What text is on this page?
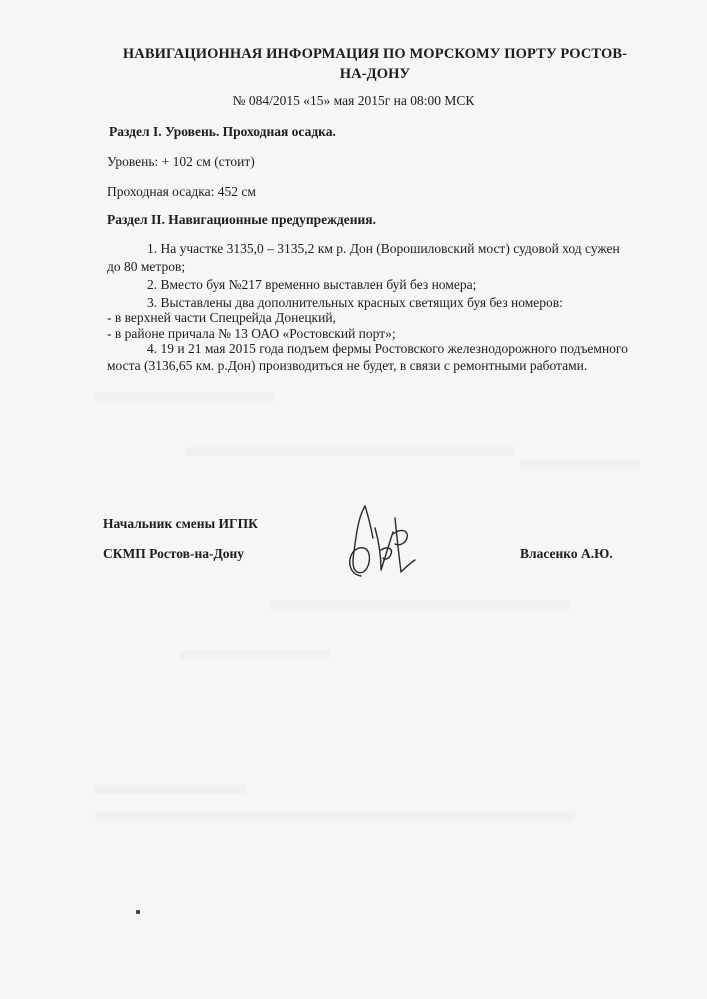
НАВИГАЦИОННАЯ ИНФОРМАЦИЯ ПО МОРСКОМУ ПОРТУ РОСТОВ-НА-ДОНУ
№ 084/2015 «15» мая 2015г на 08:00 МСК
Раздел I. Уровень. Проходная осадка.
Уровень: + 102 см (стоит)
Проходная осадка: 452 см
Раздел II. Навигационные предупреждения.
1. На участке 3135,0 – 3135,2 км р. Дон (Ворошиловский мост) судовой ход сужен
до 80 метров;
2. Вместо буя №217 временно выставлен буй без номера;
3. Выставлены два дополнительных красных светящих буя без номеров:
- в верхней части Спецрейда Донецкий,
- в районе причала № 13 ОАО «Ростовский порт»;
4. 19 и 21 мая 2015 года подъем фермы Ростовского железнодорожного подъемного
моста (3136,65 км. р.Дон) производиться не будет, в связи с ремонтными работами.
Начальник смены ИГПК
СКМП Ростов-на-Дону	Власенко А.Ю.
